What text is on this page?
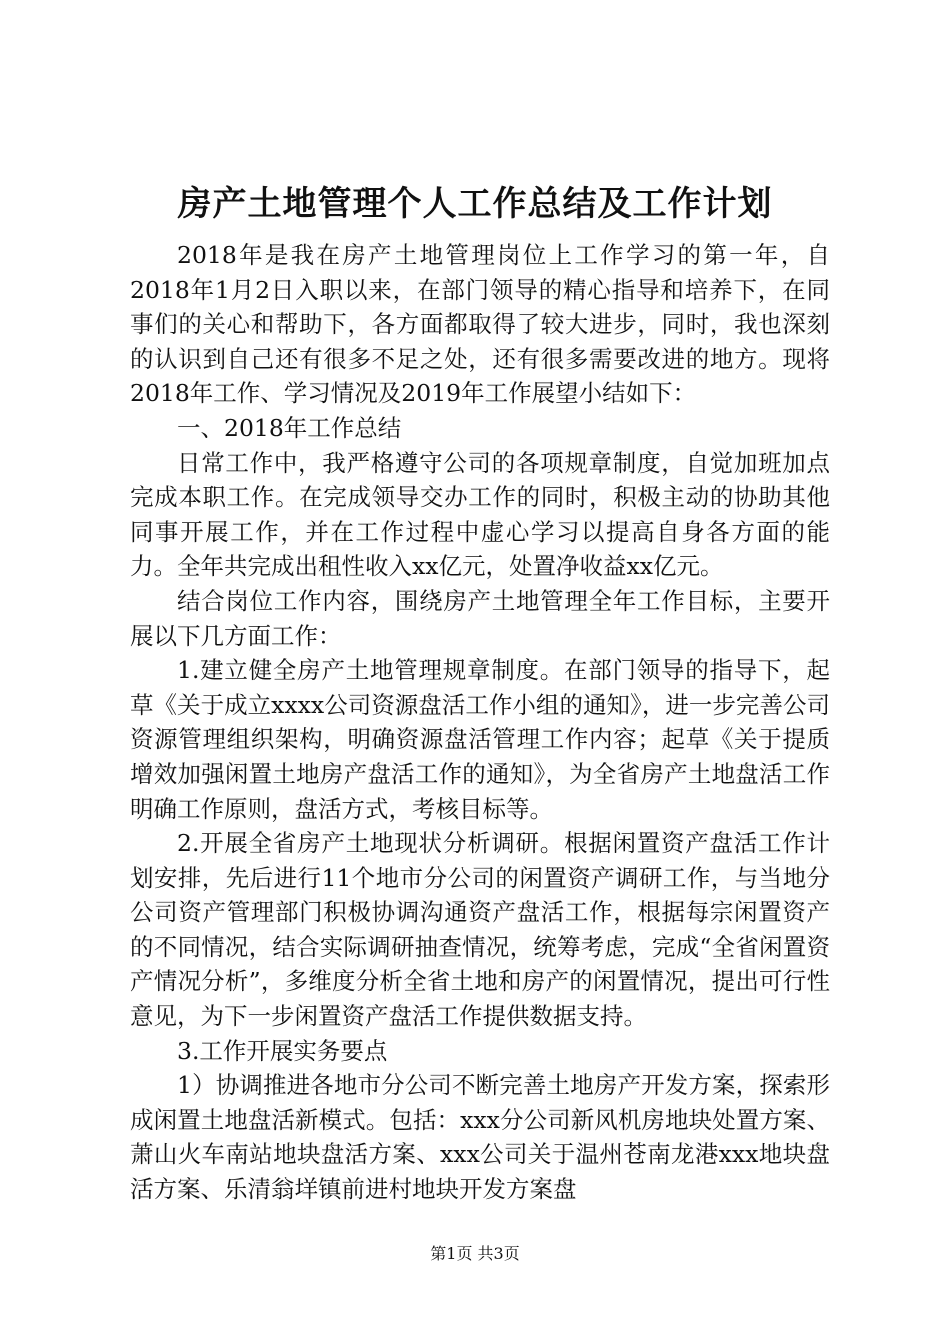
房产土地管理个人工作总结及工作计划

2018年是我在房产土地管理岗位上工作学习的第一年，自2018年1月2日入职以来，在部门领导的精心指导和培养下，在同事们的关心和帮助下，各方面都取得了较大进步，同时，我也深刻的认识到自己还有很多不足之处，还有很多需要改进的地方。现将2018年工作、学习情况及2019年工作展望小结如下：

一、2018年工作总结

日常工作中，我严格遵守公司的各项规章制度，自觉加班加点完成本职工作。在完成领导交办工作的同时，积极主动的协助其他同事开展工作，并在工作过程中虚心学习以提高自身各方面的能力。全年共完成出租性收入xx亿元，处置净收益xx亿元。

结合岗位工作内容，围绕房产土地管理全年工作目标，主要开展以下几方面工作：

1.建立健全房产土地管理规章制度。在部门领导的指导下，起草《关于成立xxxx公司资源盘活工作小组的通知》，进一步完善公司资源管理组织架构，明确资源盘活管理工作内容；起草《关于提质增效加强闲置土地房产盘活工作的通知》，为全省房产土地盘活工作明确工作原则，盘活方式，考核目标等。

2.开展全省房产土地现状分析调研。根据闲置资产盘活工作计划安排，先后进行11个地市分公司的闲置资产调研工作，与当地分公司资产管理部门积极协调沟通资产盘活工作，根据每宗闲置资产的不同情况，结合实际调研抽查情况，统筹考虑，完成“全省闲置资产情况分析”，多维度分析全省土地和房产的闲置情况，提出可行性意见，为下一步闲置资产盘活工作提供数据支持。

3.工作开展实务要点

1）协调推进各地市分公司不断完善土地房产开发方案，探索形成闲置土地盘活新模式。包括：xxx分公司新风机房地块处置方案、萧山火车南站地块盘活方案、xxx公司关于温州苍南龙港xxx地块盘活方案、乐清翁垟镇前进村地块开发方案盘

第1页 共3页
